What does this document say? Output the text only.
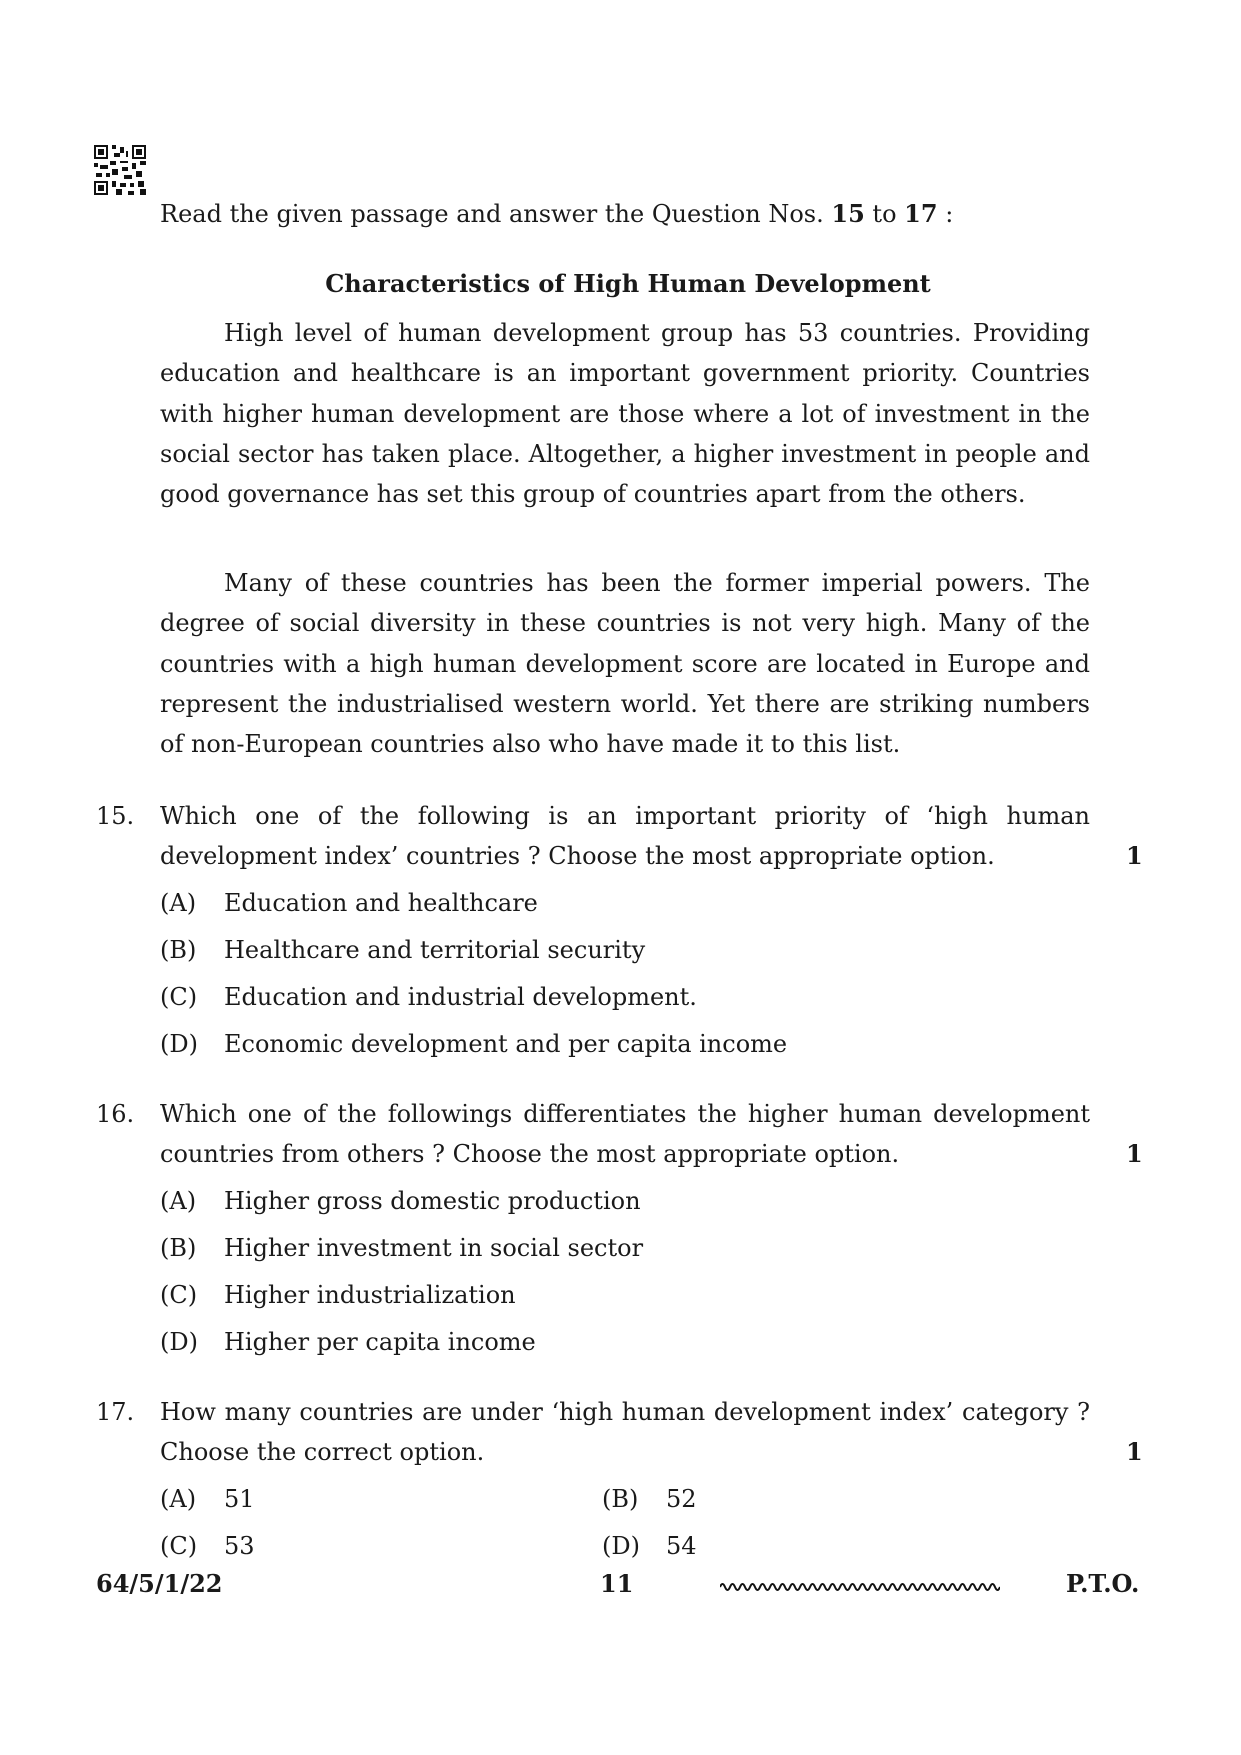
Read the given passage and answer the Question Nos. 15 to 17 :
Characteristics of High Human Development

High level of human development group has 53 countries. Providing education and healthcare is an important government priority. Countries with higher human development are those where a lot of investment in the social sector has taken place. Altogether, a higher investment in people and good governance has set this group of countries apart from the others.

Many of these countries has been the former imperial powers. The degree of social diversity in these countries is not very high. Many of the countries with a high human development score are located in Europe and represent the industrialised western world. Yet there are striking numbers of non-European countries also who have made it to this list.

15. Which one of the following is an important priority of ‘high human development index’ countries ? Choose the most appropriate option.	1
(A) Education and healthcare
(B) Healthcare and territorial security
(C) Education and industrial development.
(D) Economic development and per capita income
16. Which one of the followings differentiates the higher human development countries from others ? Choose the most appropriate option.	1
(A) Higher gross domestic production
(B) Higher investment in social sector
(C) Higher industrialization
(D) Higher per capita income
17. How many countries are under ‘high human development index’ category ? Choose the correct option.	1
(A) 51	(B) 52
(C) 53	(D) 54
64/5/1/22	11	P.T.O.
